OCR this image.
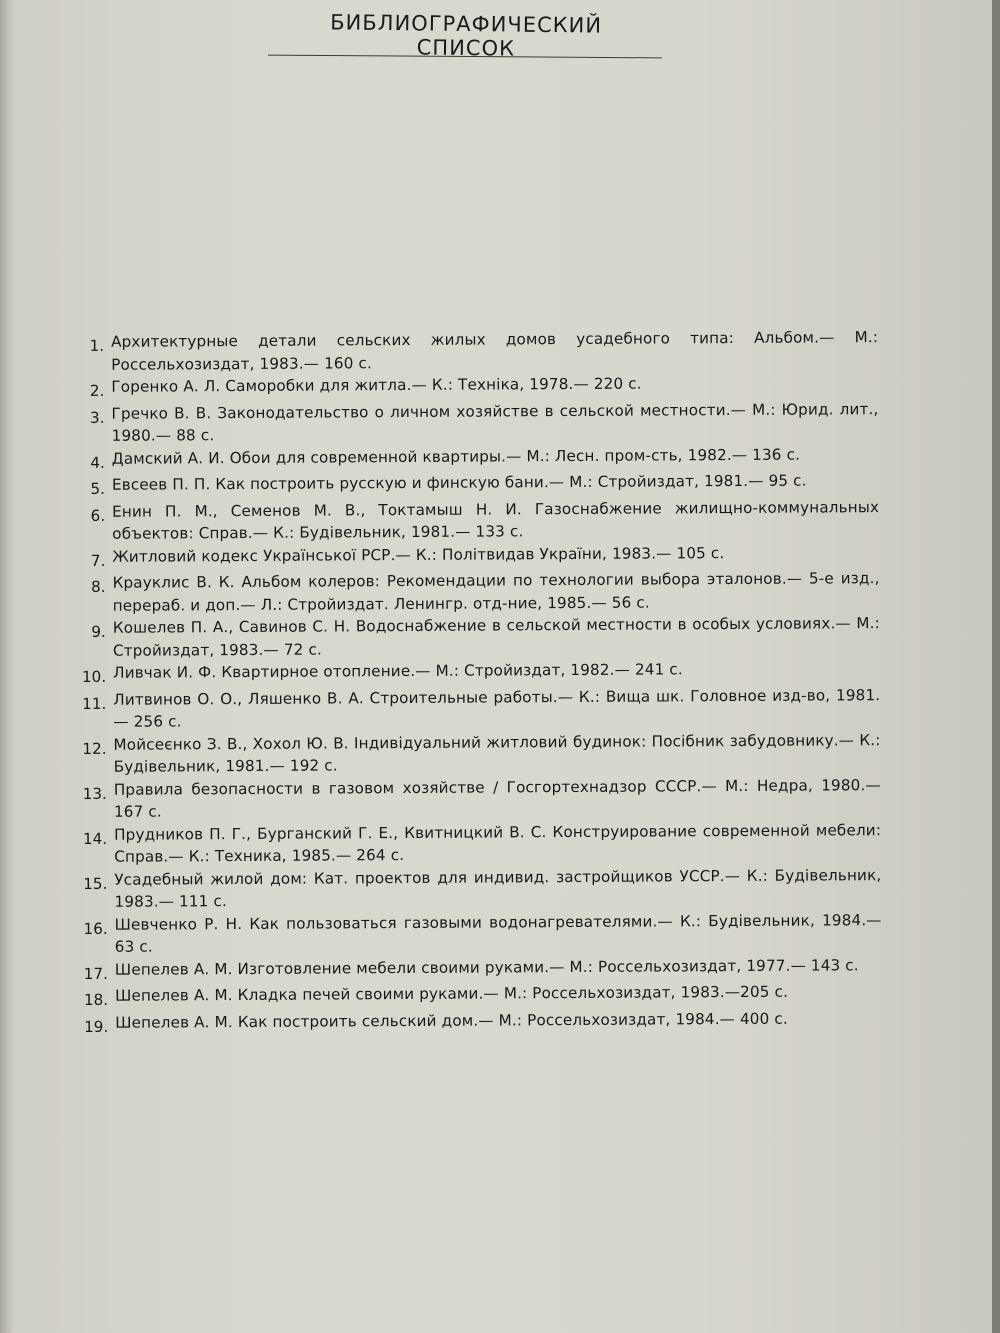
БИБЛИОГРАФИЧЕСКИЙ СПИСОК
1. Архитектурные детали сельских жилых домов усадебного типа: Альбом.— М.: Россельхозиздат, 1983.— 160 с.
2. Горенко А. Л. Саморобки для житла.— К.: Техніка, 1978.— 220 с.
3. Гречко В. В. Законодательство о личном хозяйстве в сельской местности.— М.: Юрид. лит., 1980.— 88 с.
4. Дамский А. И. Обои для современной квартиры.— М.: Лесн. пром-сть, 1982.— 136 с.
5. Евсеев П. П. Как построить русскую и финскую бани.— М.: Стройиздат, 1981.— 95 с.
6. Енин П. М., Семенов М. В., Токтамыш Н. И. Газоснабжение жилищно-коммунальных объектов: Справ.— К.: Будівельник, 1981.— 133 с.
7. Житловий кодекс Української РСР.— К.: Політвидав України, 1983.— 105 с.
8. Крауклис В. К. Альбом колеров: Рекомендации по технологии выбора эталонов.— 5-е изд., перераб. и доп.— Л.: Стройиздат. Ленингр. отд-ние, 1985.— 56 с.
9. Кошелев П. А., Савинов С. Н. Водоснабжение в сельской местности в особых условиях.— М.: Стройиздат, 1983.— 72 с.
10. Ливчак И. Ф. Квартирное отопление.— М.: Стройиздат, 1982.— 241 с.
11. Литвинов О. О., Ляшенко В. А. Строительные работы.— К.: Вища шк. Головное изд-во, 1981.— 256 с.
12. Мойсеєнко З. В., Хохол Ю. В. Індивідуальний житловий будинок: Посібник забудовнику.— К.: Будівельник, 1981.— 192 с.
13. Правила безопасности в газовом хозяйстве / Госгортехнадзор СССР.— М.: Недра, 1980.— 167 с.
14. Прудников П. Г., Бурганский Г. Е., Квитницкий В. С. Конструирование современной мебели: Справ.— К.: Техника, 1985.— 264 с.
15. Усадебный жилой дом: Кат. проектов для индивид. застройщиков УССР.— К.: Будівельник, 1983.— 111 с.
16. Шевченко Р. Н. Как пользоваться газовыми водонагревателями.— К.: Будівельник, 1984.— 63 с.
17. Шепелев А. М. Изготовление мебели своими руками.— М.: Россельхозиздат, 1977.— 143 с.
18. Шепелев А. М. Кладка печей своими руками.— М.: Россельхозиздат, 1983.—205 с.
19. Шепелев А. М. Как построить сельский дом.— М.: Россельхозиздат, 1984.— 400 с.
